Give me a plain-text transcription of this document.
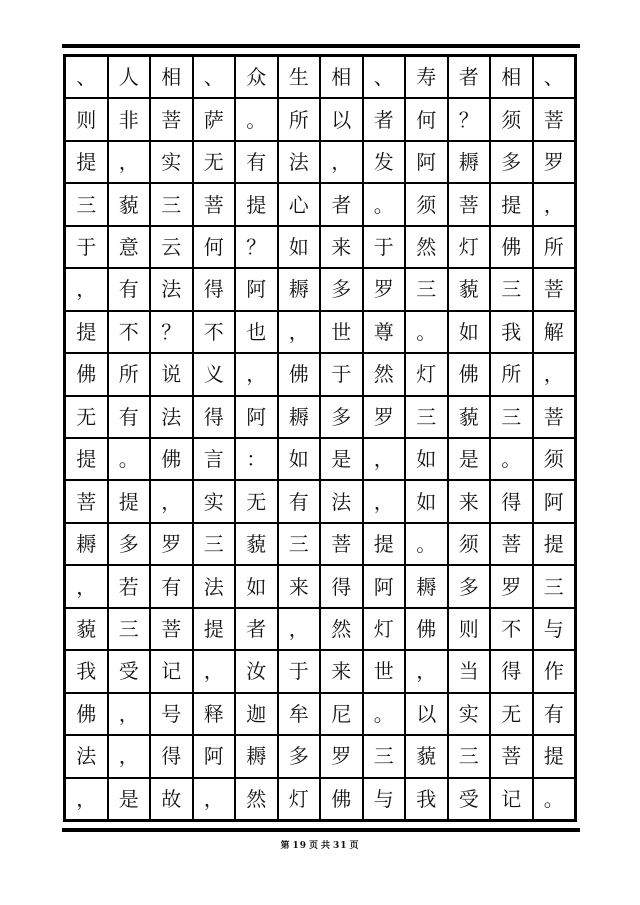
、	人	相	、	众	生	相	、	寿	者	相	、
则	非	菩	萨	。	所	以	者	何	？	须	菩
提	，	实	无	有	法	，	发	阿	耨	多	罗
三	藐	三	菩	提	心	者	。	须	菩	提	，
于	意	云	何	？	如	来	于	然	灯	佛	所
，	有	法	得	阿	耨	多	罗	三	藐	三	菩
提	不	？	不	也	，	世	尊	。	如	我	解
佛	所	说	义	，	佛	于	然	灯	佛	所	，
无	有	法	得	阿	耨	多	罗	三	藐	三	菩
提	。	佛	言	：	如	是	，	如	是	。	须
菩	提	，	实	无	有	法	，	如	来	得	阿
耨	多	罗	三	藐	三	菩	提	。	须	菩	提
，	若	有	法	如	来	得	阿	耨	多	罗	三
藐	三	菩	提	者	，	然	灯	佛	则	不	与
我	受	记	，	汝	于	来	世	，	当	得	作
佛	，	号	释	迦	牟	尼	。	以	实	无	有
法	，	得	阿	耨	多	罗	三	藐	三	菩	提
，	是	故	，	然	灯	佛	与	我	受	记	。
第 19 页 共 31 页
